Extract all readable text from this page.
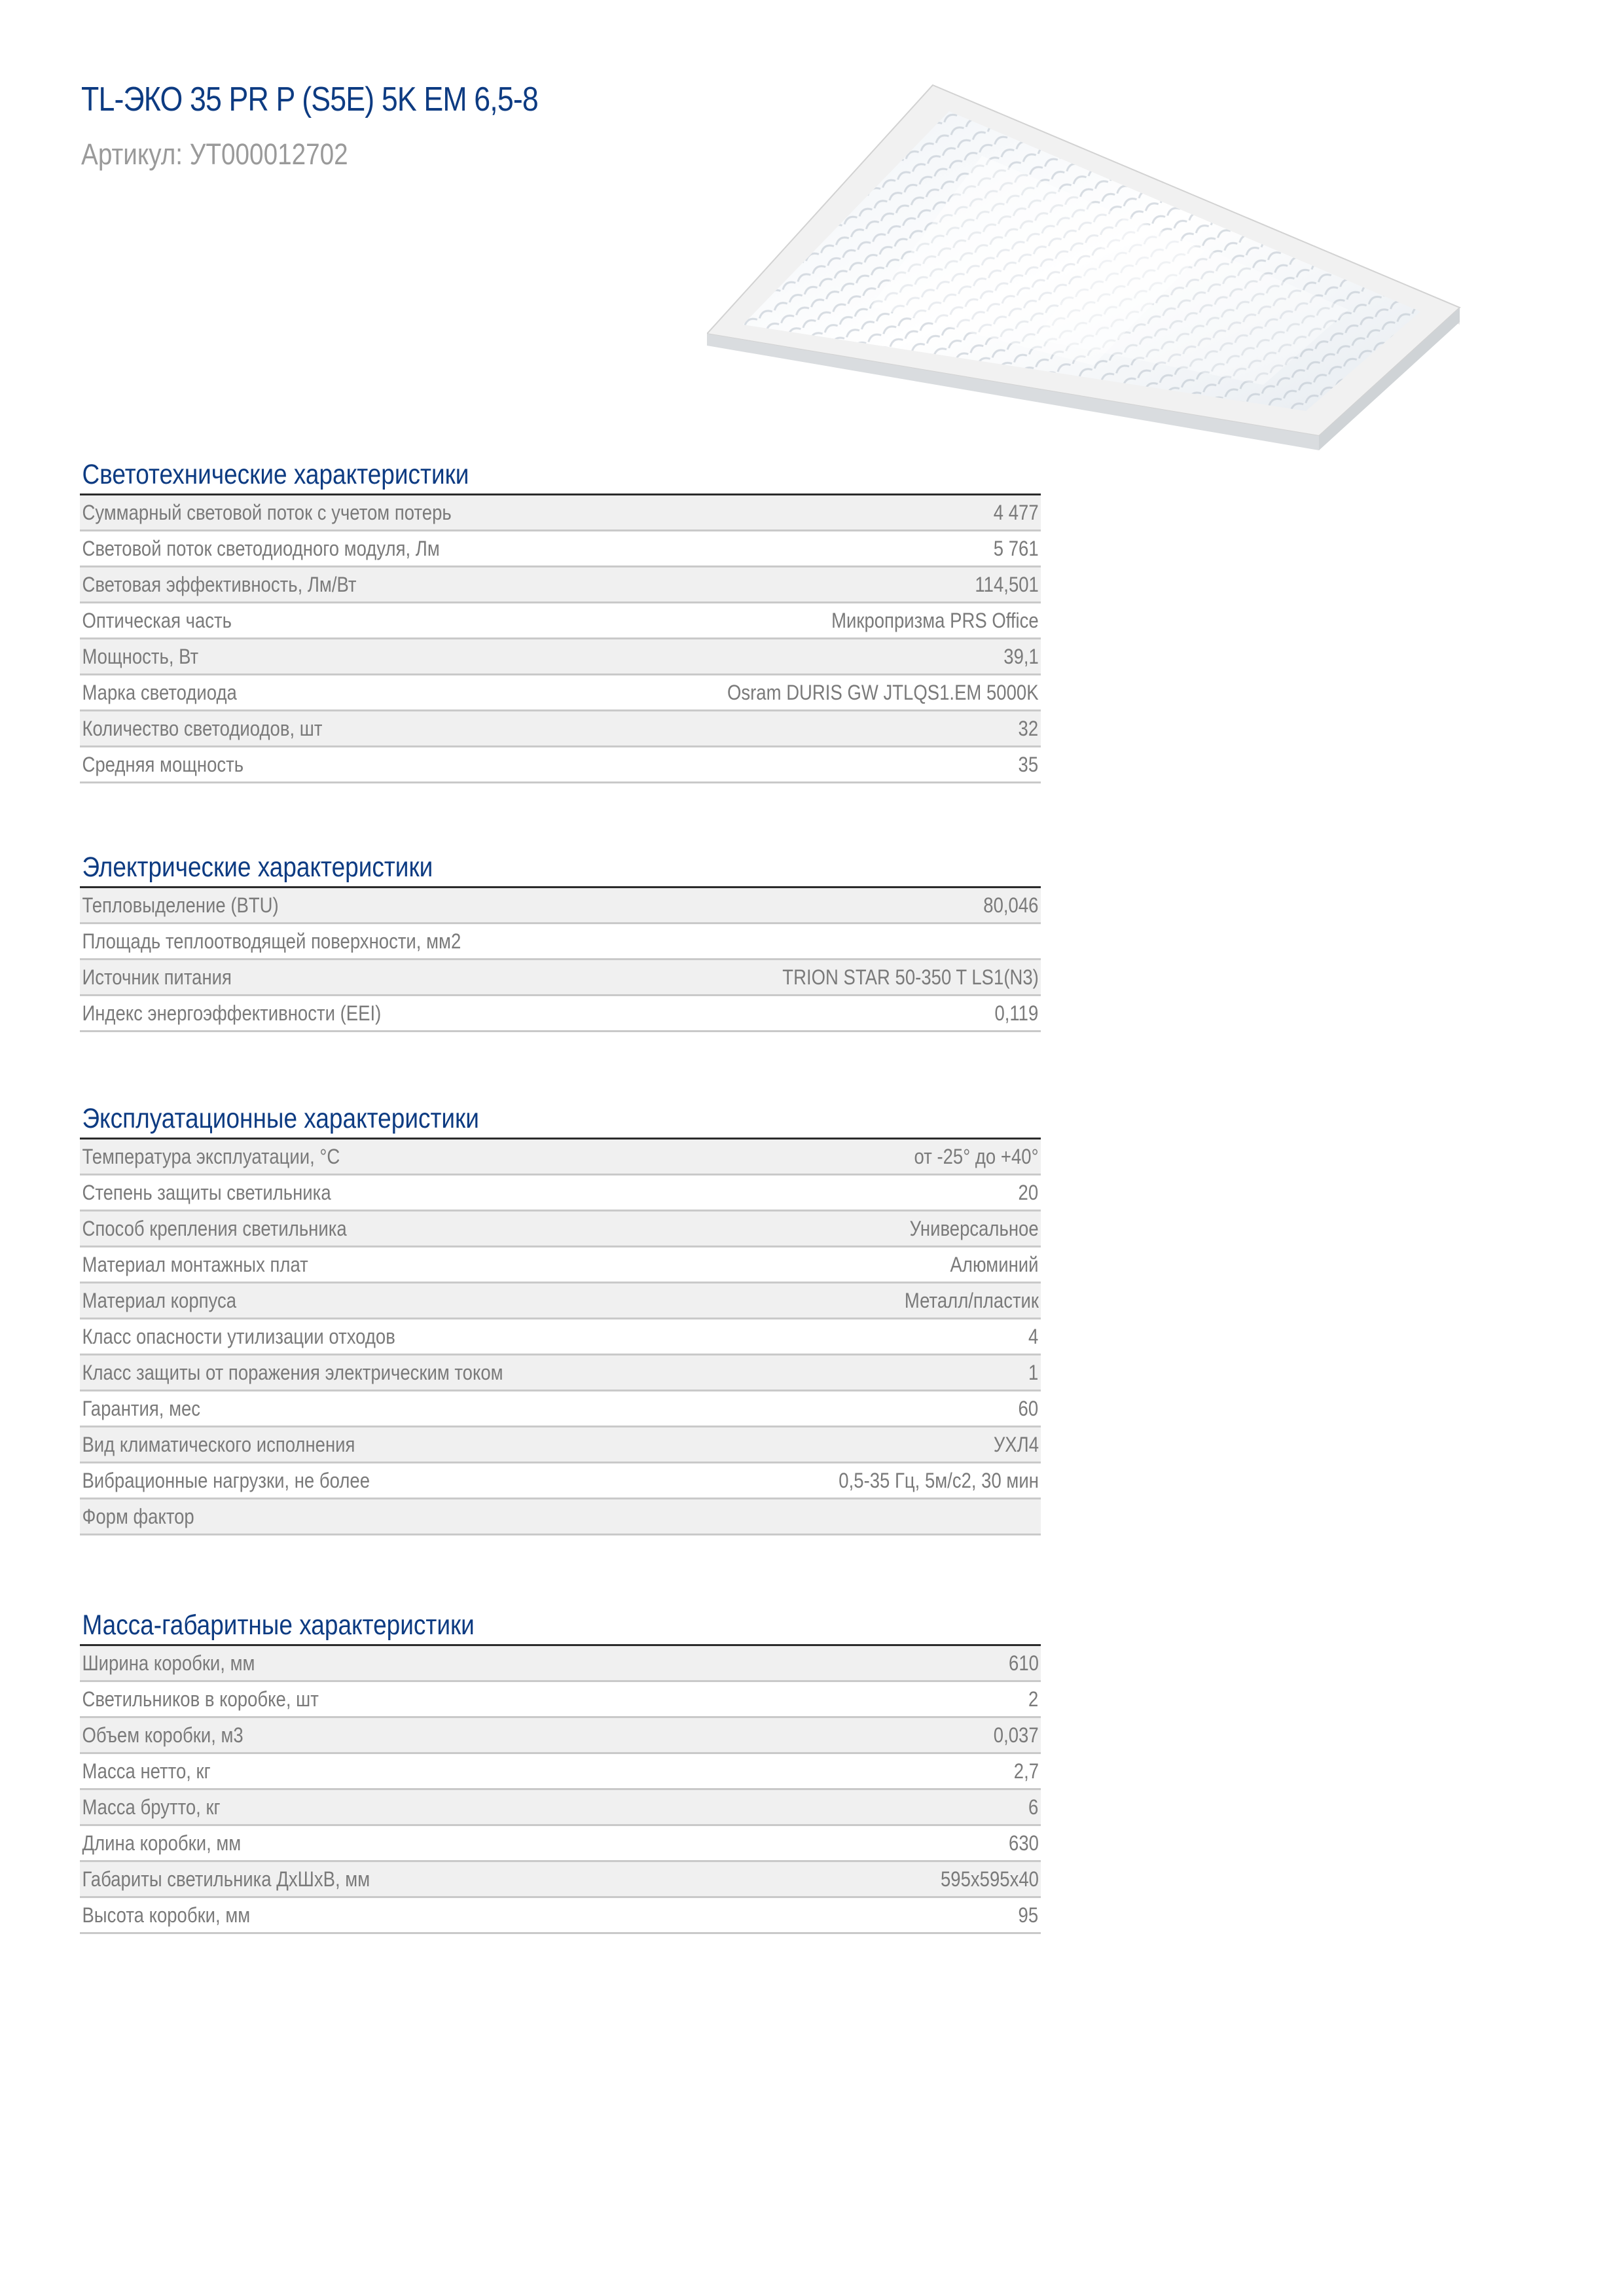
TL-ЭКО 35 PR P (S5E) 5K EM 6,5-8
Артикул: УТ000012702
Светотехнические характеристики
Суммарный световой поток с учетом потерь	4 477
Световой поток светодиодного модуля, Лм	5 761
Световая эффективность, Лм/Вт	114,501
Оптическая часть	Микропризма PRS Office
Мощность, Вт	39,1
Марка светодиода	Osram DURIS GW JTLQS1.EM 5000K
Количество светодиодов, шт	32
Средняя мощность	35
Электрические характеристики
Тепловыделение (BTU)	80,046
Площадь теплоотводящей поверхности, мм2
Источник питания	TRION STAR 50-350 T LS1(N3)
Индекс энергоэффективности (EEI)	0,119
Эксплуатационные характеристики
Температура эксплуатации, °С	от -25° до +40°
Степень защиты светильника	20
Способ крепления светильника	Универсальное
Материал монтажных плат	Алюминий
Материал корпуса	Металл/пластик
Класс опасности утилизации отходов	4
Класс защиты от поражения электрическим током	1
Гарантия, мес	60
Вид климатического исполнения	УХЛ4
Вибрационные нагрузки, не более	0,5-35 Гц, 5м/с2, 30 мин
Форм фактор
Масса-габаритные характеристики
Ширина коробки, мм	610
Светильников в коробке, шт	2
Объем коробки, м3	0,037
Масса нетто, кг	2,7
Масса брутто, кг	6
Длина коробки, мм	630
Габариты светильника ДхШхВ, мм	595х595х40
Высота коробки, мм	95
